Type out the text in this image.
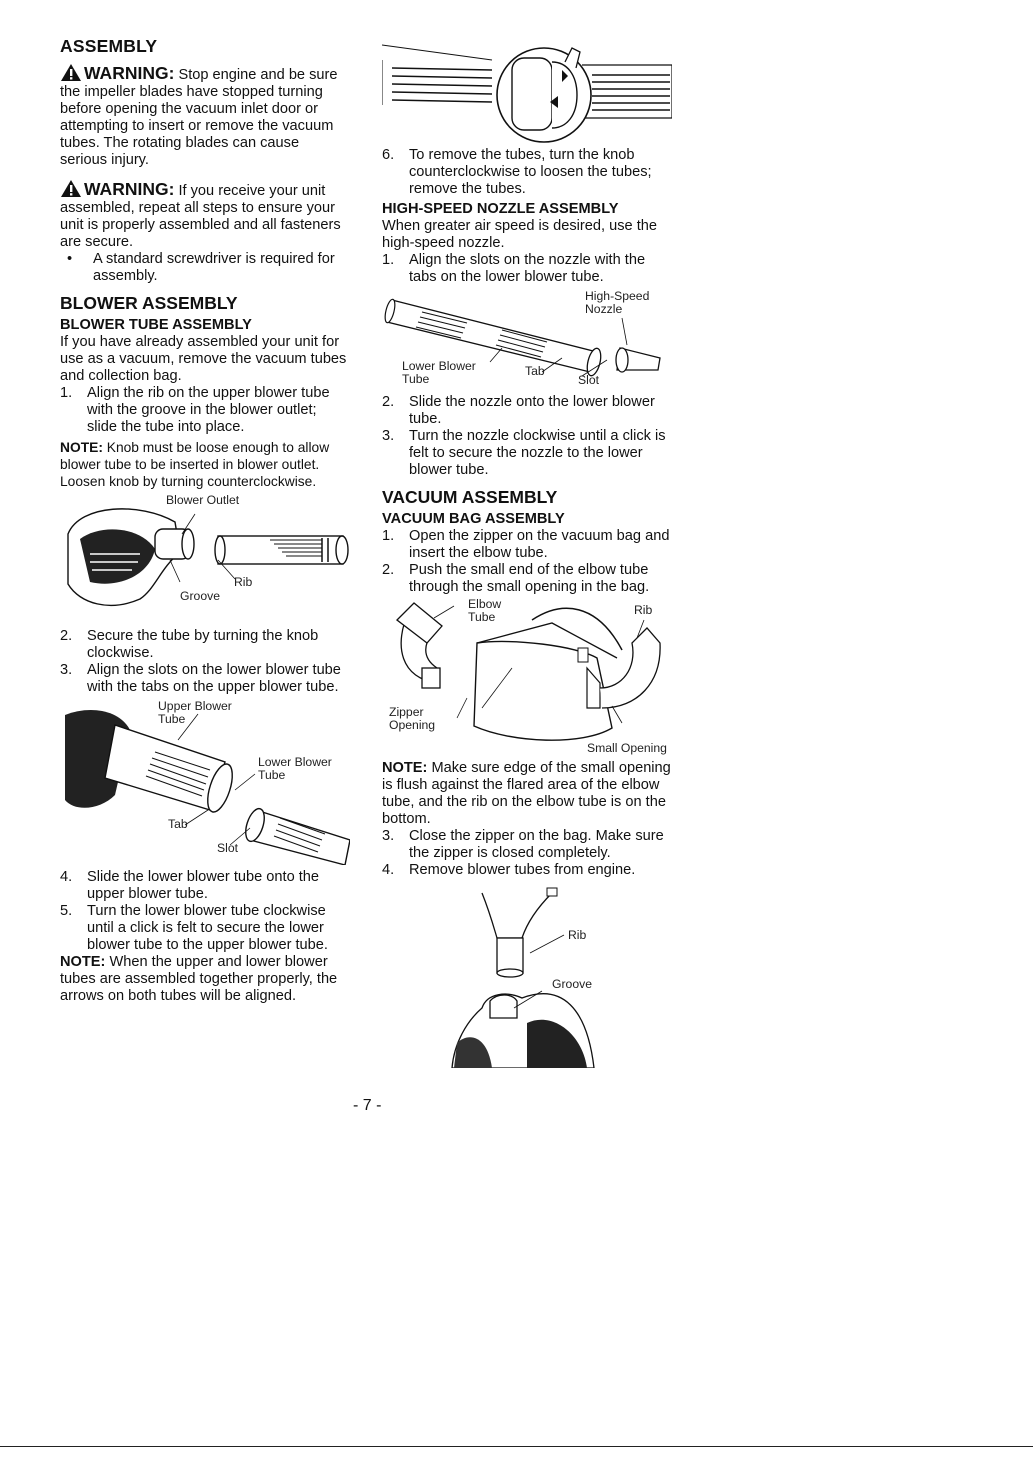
ASSEMBLY

WARNING: Stop engine and be sure the impeller blades have stopped turning before opening the vacuum inlet door or attempting to insert or remove the vacuum tubes. The rotating blades can cause serious injury.

WARNING: If you receive your unit assembled, repeat all steps to ensure your unit is properly assembled and all fasteners are secure.

• A standard screwdriver is required for assembly.

BLOWER ASSEMBLY
BLOWER TUBE ASSEMBLY

If you have already assembled your unit for use as a vacuum, remove the vacuum tubes and collection bag.

1. Align the rib on the upper blower tube with the groove in the blower outlet; slide the tube into place.

NOTE: Knob must be loose enough to allow blower tube to be inserted in blower outlet. Loosen knob by turning counterclockwise.

Blower Outlet
Rib
Groove
2. Secure the tube by turning the knob clockwise.
3. Align the slots on the lower blower tube with the tabs on the upper blower tube.
Upper Blower Tube
Lower Blower Tube
Tab
Slot
4. Slide the lower blower tube onto the upper blower tube.
5. Turn the lower blower tube clockwise until a click is felt to secure the lower blower tube to the upper blower tube.

NOTE: When the upper and lower blower tubes are assembled together properly, the arrows on both tubes will be aligned.

6. To remove the tubes, turn the knob counterclockwise to loosen the tubes; remove the tubes.
HIGH-SPEED NOZZLE ASSEMBLY

When greater air speed is desired, use the high-speed nozzle.

1. Align the slots on the nozzle with the tabs on the lower blower tube.
High-Speed Nozzle
Lower Blower Tube
Tab
Slot
2. Slide the nozzle onto the lower blower tube.
3. Turn the nozzle clockwise until a click is felt to secure the nozzle to the lower blower tube.
VACUUM ASSEMBLY
VACUUM BAG ASSEMBLY
1. Open the zipper on the vacuum bag and insert the elbow tube.
2. Push the small end of the elbow tube through the small opening in the bag.
Elbow Tube	Rib
Zipper Opening
Small Opening

NOTE: Make sure edge of the small opening is flush against the flared area of the elbow tube, and the rib on the elbow tube is on the bottom.

3. Close the zipper on the bag. Make sure the zipper is closed completely.
4. Remove blower tubes from engine.
Rib
Groove
- 7 -
